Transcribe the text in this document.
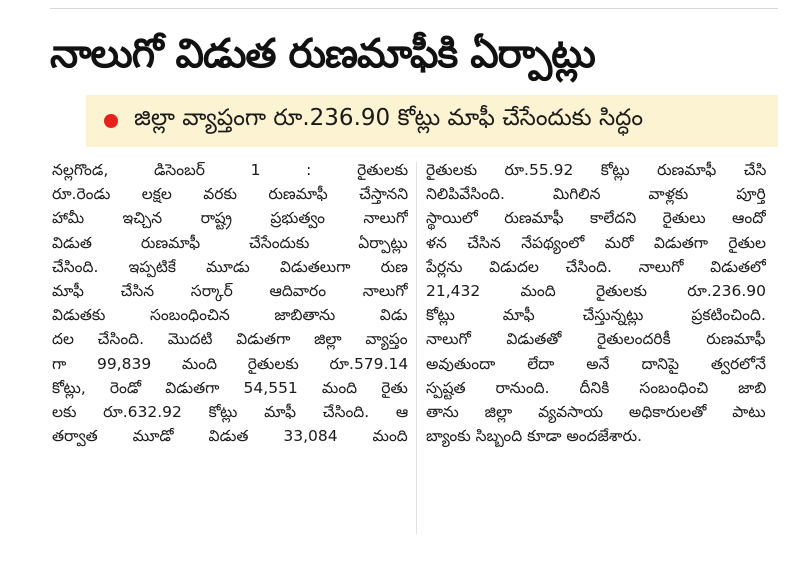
నాలుగో విడుత రుణమాఫీకి ఏర్పాట్లు
జిల్లా వ్యాప్తంగా రూ.236.90 కోట్లు మాఫీ చేసేందుకు సిద్ధం
నల్లగొండ, డిసెంబర్ 1 : రైతులకు
రూ.రెండు లక్షల వరకు రుణమాఫీ చేస్తానని
హామీ ఇచ్చిన రాష్ట్ర ప్రభుత్వం నాలుగో
విడుత రుణమాఫీ చేసేందుకు ఏర్పాట్లు
చేసింది. ఇప్పటికే మూడు విడుతలుగా రుణ
మాఫీ చేసిన సర్కార్ ఆదివారం నాలుగో
విడుతకు సంబంధించిన జాబితాను విడు
దల చేసింది. మొదటి విడుతగా జిల్లా వ్యాప్తం
గా 99,839 మంది రైతులకు రూ.579.14
కోట్లు, రెండో విడుతగా 54,551 మంది రైతు
లకు రూ.632.92 కోట్లు మాఫీ చేసింది. ఆ
తర్వాత మూడో విడుత 33,084 మంది
రైతులకు రూ.55.92 కోట్లు రుణమాఫీ చేసి
నిలిపివేసింది. మిగిలిన వాళ్లకు పూర్తి
స్థాయిలో రుణమాఫీ కాలేదని రైతులు ఆందో
ళన చేసిన నేపథ్యంలో మరో విడుతగా రైతుల
పేర్లను విడుదల చేసింది. నాలుగో విడుతలో
21,432 మంది రైతులకు రూ.236.90
కోట్లు మాఫీ చేస్తున్నట్లు ప్రకటించింది.
నాలుగో విడుతతో రైతులందరికీ రుణమాఫీ
అవుతుందా లేదా అనే దానిపై త్వరలోనే
స్పష్టత రానుంది. దీనికి సంబంధించి జాబి
తాను జిల్లా వ్యవసాయ అధికారులతో పాటు
బ్యాంకు సిబ్బంది కూడా అందజేశారు.
